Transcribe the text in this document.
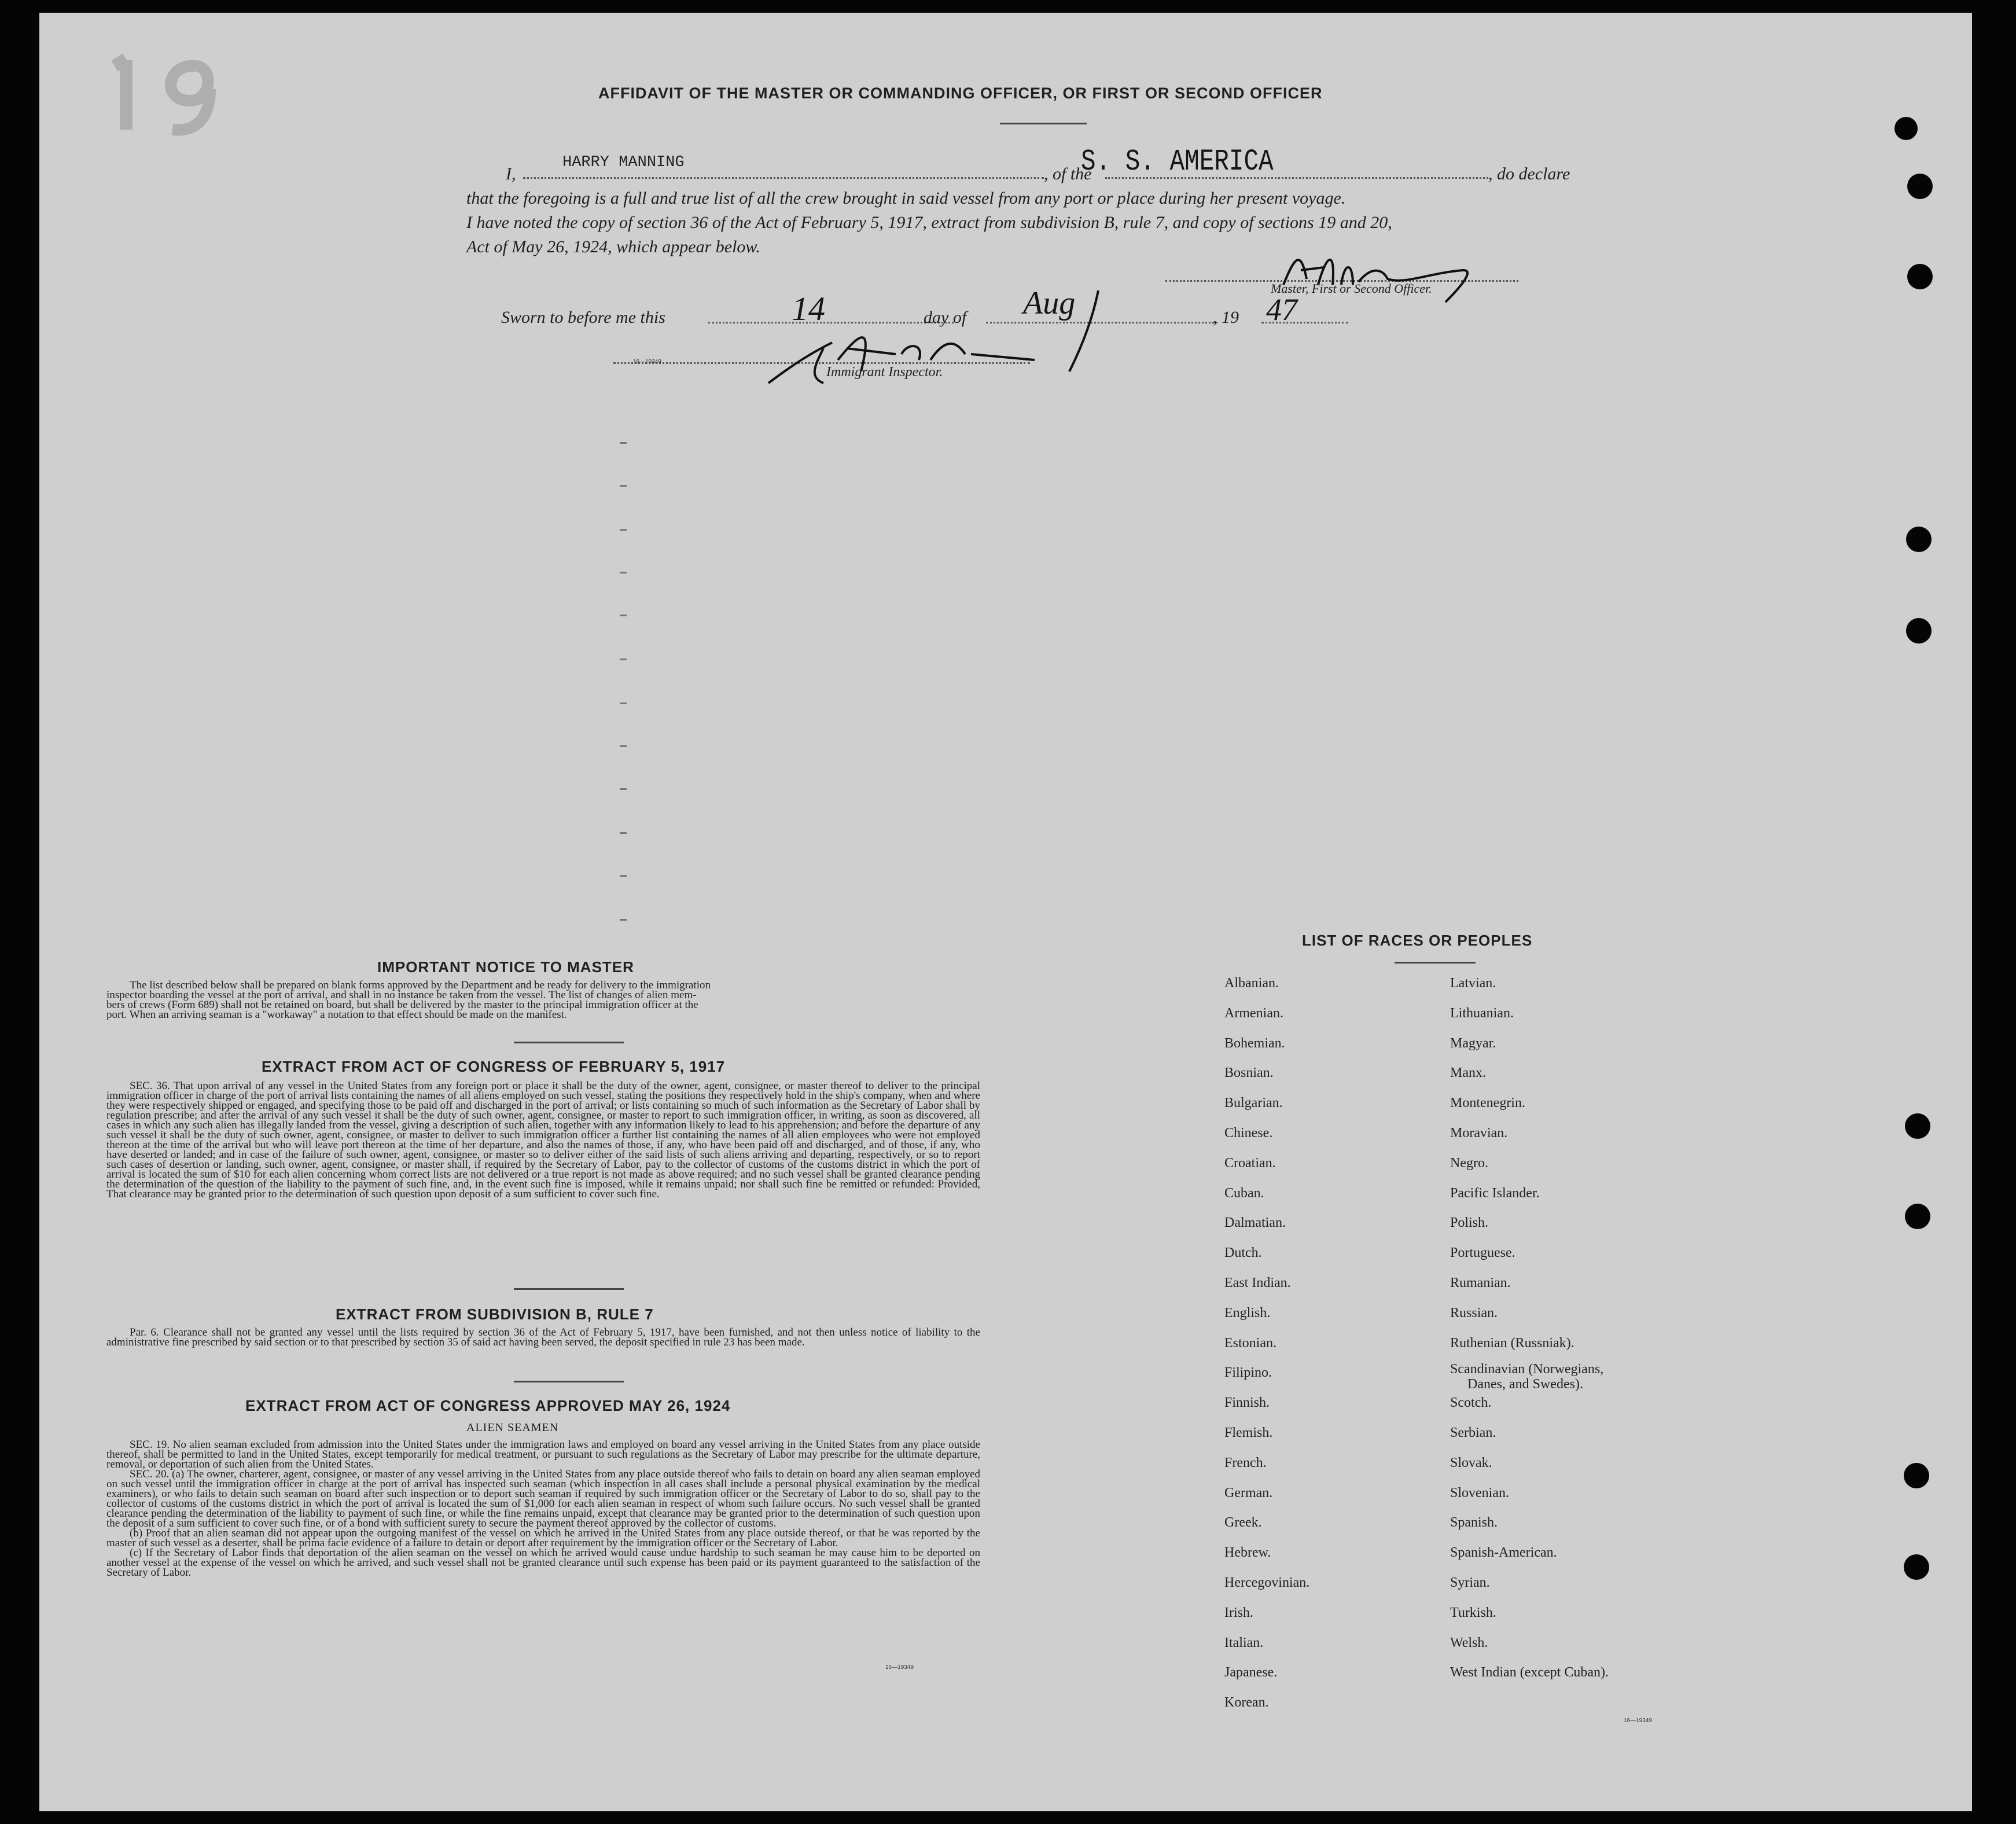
AFFIDAVIT OF THE MASTER OR COMMANDING OFFICER, OR FIRST OR SECOND OFFICER
I,
HARRY MANNING
, of the
S. S. AMERICA	, do declare
that the foregoing is a full and true list of all the crew brought in said vessel from any port or place during her present voyage.
I have noted the copy of section 36 of the Act of February 5, 1917, extract from subdivision B, rule 7, and copy of sections 19 and 20,
Act of May 26, 1924, which appear below.
Master, First or Second Officer.
Sworn to before me this	14	day of Aug	, 19 47
Immigrant Inspector.
16—19349
IMPORTANT NOTICE TO MASTER

The list described below shall be prepared on blank forms approved by the Department and be ready for delivery to the immigration

inspector boarding the vessel at the port of arrival, and shall in no instance be taken from the vessel. The list of changes of alien mem-

bers of crews (Form 689) shall not be retained on board, but shall be delivered by the master to the principal immigration officer at the

port. When an arriving seaman is a "workaway" a notation to that effect should be made on the manifest.

EXTRACT FROM ACT OF CONGRESS OF FEBRUARY 5, 1917
SEC. 36. That upon arrival of any vessel in the United States from any foreign port or place it shall be the duty of the owner, agent, consignee, or master thereof to deliver to the principal immigration officer in charge of the port of arrival lists containing the names of all aliens employed on such vessel, stating the positions they respectively hold in the ship's company, when and where they were respectively shipped or engaged, and specifying those to be paid off and discharged in the port of arrival; or lists containing so much of such information as the Secretary of Labor shall by regulation prescribe; and after the arrival of any such vessel it shall be the duty of such owner, agent, consignee, or master to report to such immigration officer, in writing, as soon as discovered, all cases in which any such alien has illegally landed from the vessel, giving a description of such alien, together with any information likely to lead to his apprehension; and before the departure of any such vessel it shall be the duty of such owner, agent, consignee, or master to deliver to such immigration officer a further list containing the names of all alien employees who were not employed thereon at the time of the arrival but who will leave port thereon at the time of her departure, and also the names of those, if any, who have been paid off and discharged, and of those, if any, who have deserted or landed; and in case of the failure of such owner, agent, consignee, or master so to deliver either of the said lists of such aliens arriving and departing, respectively, or so to report such cases of desertion or landing, such owner, agent, consignee, or master shall, if required by the Secretary of Labor, pay to the collector of customs of the customs district in which the port of arrival is located the sum of $10 for each alien concerning whom correct lists are not delivered or a true report is not made as above required; and no such vessel shall be granted clearance pending the determination of the question of the liability to the payment of such fine, and, in the event such fine is imposed, while it remains unpaid; nor shall such fine be remitted or refunded: Provided, That clearance may be granted prior to the determination of such question upon deposit of a sum sufficient to cover such fine.
EXTRACT FROM SUBDIVISION B, RULE 7
Par. 6. Clearance shall not be granted any vessel until the lists required by section 36 of the Act of February 5, 1917, have been furnished, and not then unless notice of liability to the administrative fine prescribed by said section or to that prescribed by section 35 of said act having been served, the deposit specified in rule 23 has been made.
EXTRACT FROM ACT OF CONGRESS APPROVED MAY 26, 1924
ALIEN SEAMEN

SEC. 19. No alien seaman excluded from admission into the United States under the immigration laws and employed on board any vessel arriving in the United States from any place outside thereof, shall be permitted to land in the United States, except temporarily for medical treatment, or pursuant to such regulations as the Secretary of Labor may prescribe for the ultimate departure, removal, or deportation of such alien from the United States.

SEC. 20. (a) The owner, charterer, agent, consignee, or master of any vessel arriving in the United States from any place outside thereof who fails to detain on board any alien seaman employed on such vessel until the immigration officer in charge at the port of arrival has inspected such seaman (which inspection in all cases shall include a personal physical examination by the medical examiners), or who fails to detain such seaman on board after such inspection or to deport such seaman if required by such immigration officer or the Secretary of Labor to do so, shall pay to the collector of customs of the customs district in which the port of arrival is located the sum of $1,000 for each alien seaman in respect of whom such failure occurs. No such vessel shall be granted clearance pending the determination of the liability to payment of such fine, or while the fine remains unpaid, except that clearance may be granted prior to the determination of such question upon the deposit of a sum sufficient to cover such fine, or of a bond with sufficient surety to secure the payment thereof approved by the collector of customs.

(b) Proof that an alien seaman did not appear upon the outgoing manifest of the vessel on which he arrived in the United States from any place outside thereof, or that he was reported by the master of such vessel as a deserter, shall be prima facie evidence of a failure to detain or deport after requirement by the immigration officer or the Secretary of Labor.

(c) If the Secretary of Labor finds that deportation of the alien seaman on the vessel on which he arrived would cause undue hardship to such seaman he may cause him to be deported on another vessel at the expense of the vessel on which he arrived, and such vessel shall not be granted clearance until such expense has been paid or its payment guaranteed to the satisfaction of the Secretary of Labor.

16—19349
LIST OF RACES OR PEOPLES
16—19349
Albanian.
Armenian.
Bohemian.
Bosnian.
Bulgarian.
Chinese.
Croatian.
Cuban.
Dalmatian.
Dutch.
East Indian.
English.
Estonian.
Filipino.
Finnish.
Flemish.
French.
German.
Greek.
Hebrew.
Hercegovinian.
Irish.
Italian.
Japanese.
Korean.
Latvian.
Lithuanian.
Magyar.
Manx.
Montenegrin.
Moravian.
Negro.
Pacific Islander.
Polish.
Portuguese.
Rumanian.
Russian.
Ruthenian (Russniak).
Scandinavian (Norwegians,
Danes, and Swedes).
Scotch.
Serbian.
Slovak.
Slovenian.
Spanish.
Spanish-American.
Syrian.
Turkish.
Welsh.
West Indian (except Cuban).
